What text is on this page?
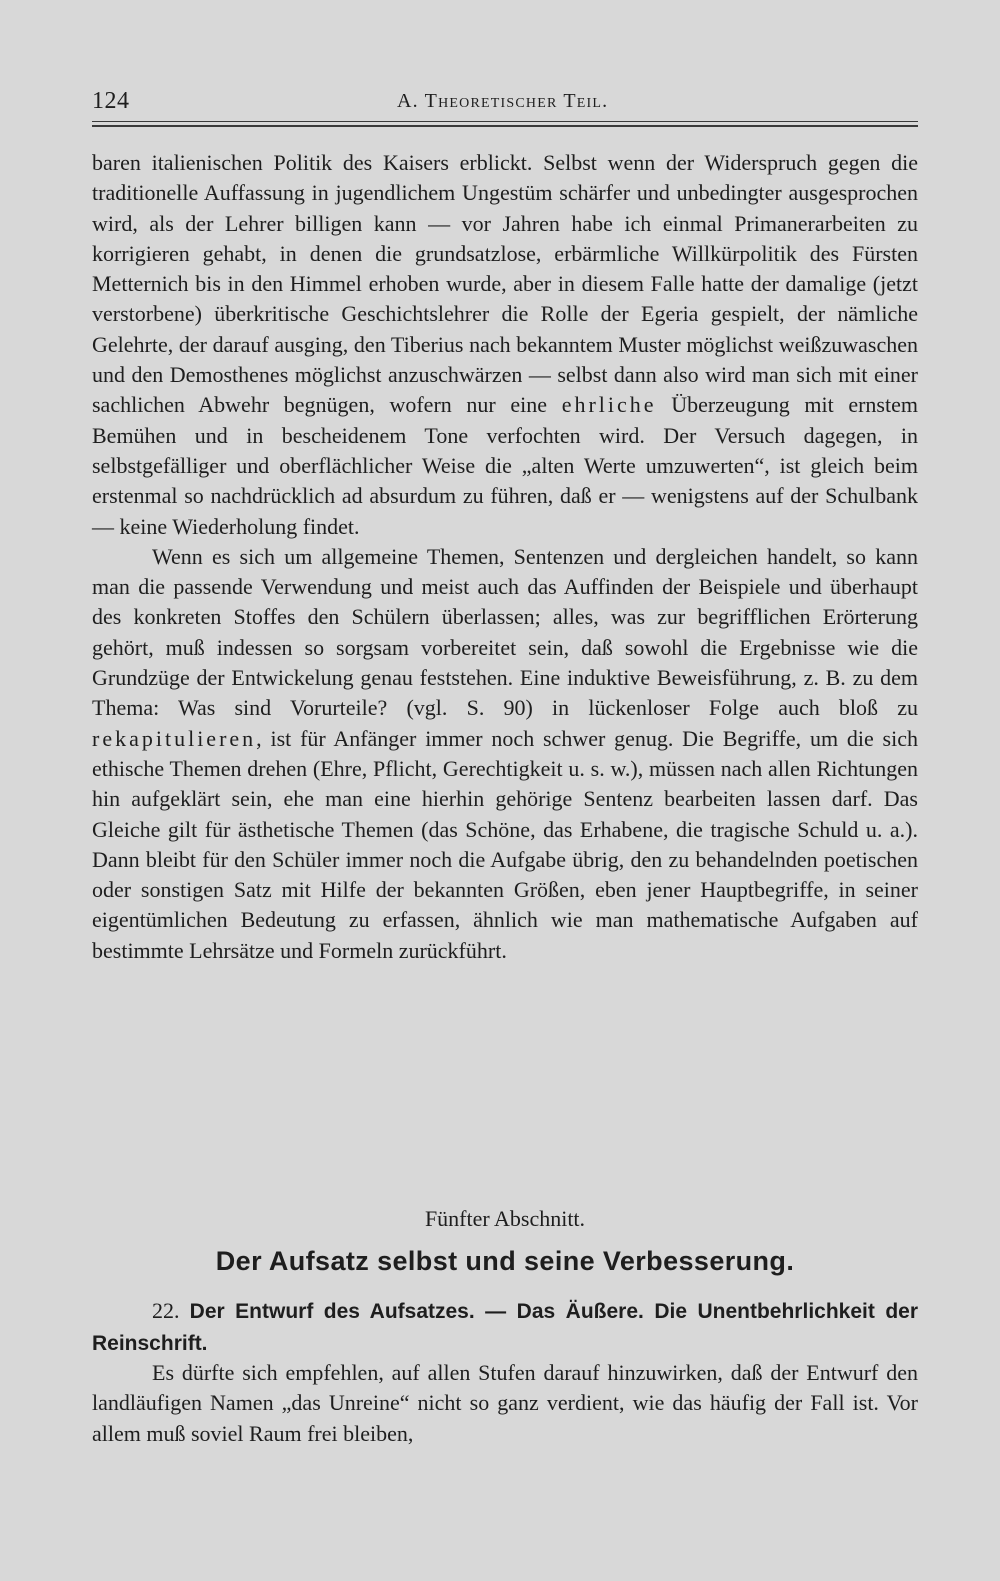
124	A. Theoretischer Teil.

baren italienischen Politik des Kaisers erblickt. Selbst wenn der Widerspruch gegen die traditionelle Auffassung in jugendlichem Ungestüm schärfer und unbedingter ausgesprochen wird, als der Lehrer billigen kann — vor Jahren habe ich einmal Primanerarbeiten zu korrigieren gehabt, in denen die grundsatzlose, erbärmliche Willkürpolitik des Fürsten Metternich bis in den Himmel erhoben wurde, aber in diesem Falle hatte der damalige (jetzt verstorbene) überkritische Geschichtslehrer die Rolle der Egeria gespielt, der nämliche Gelehrte, der darauf ausging, den Tiberius nach bekanntem Muster möglichst weißzuwaschen und den Demosthenes möglichst anzuschwärzen — selbst dann also wird man sich mit einer sachlichen Abwehr begnügen, wofern nur eine ehrliche Überzeugung mit ernstem Bemühen und in bescheidenem Tone verfochten wird. Der Versuch dagegen, in selbstgefälliger und oberflächlicher Weise die „alten Werte umzuwerten“, ist gleich beim erstenmal so nachdrücklich ad absurdum zu führen, daß er — wenigstens auf der Schulbank — keine Wiederholung findet.

Wenn es sich um allgemeine Themen, Sentenzen und dergleichen handelt, so kann man die passende Verwendung und meist auch das Auffinden der Beispiele und überhaupt des konkreten Stoffes den Schülern überlassen; alles, was zur begrifflichen Erörterung gehört, muß indessen so sorgsam vorbereitet sein, daß sowohl die Ergebnisse wie die Grundzüge der Entwickelung genau feststehen. Eine induktive Beweisführung, z. B. zu dem Thema: Was sind Vorurteile? (vgl. S. 90) in lückenloser Folge auch bloß zu rekapitulieren, ist für Anfänger immer noch schwer genug. Die Begriffe, um die sich ethische Themen drehen (Ehre, Pflicht, Gerechtigkeit u. s. w.), müssen nach allen Richtungen hin aufgeklärt sein, ehe man eine hierhin gehörige Sentenz bearbeiten lassen darf. Das Gleiche gilt für ästhetische Themen (das Schöne, das Erhabene, die tragische Schuld u. a.). Dann bleibt für den Schüler immer noch die Aufgabe übrig, den zu behandelnden poetischen oder sonstigen Satz mit Hilfe der bekannten Größen, eben jener Hauptbegriffe, in seiner eigentümlichen Bedeutung zu erfassen, ähnlich wie man mathematische Aufgaben auf bestimmte Lehrsätze und Formeln zurückführt.

Fünfter Abschnitt.
Der Aufsatz selbst und seine Verbesserung.
22. Der Entwurf des Aufsatzes. — Das Äußere. Die Unentbehrlichkeit der Reinschrift.

Es dürfte sich empfehlen, auf allen Stufen darauf hinzuwirken, daß der Entwurf den landläufigen Namen „das Unreine“ nicht so ganz verdient, wie das häufig der Fall ist. Vor allem muß soviel Raum frei bleiben,
